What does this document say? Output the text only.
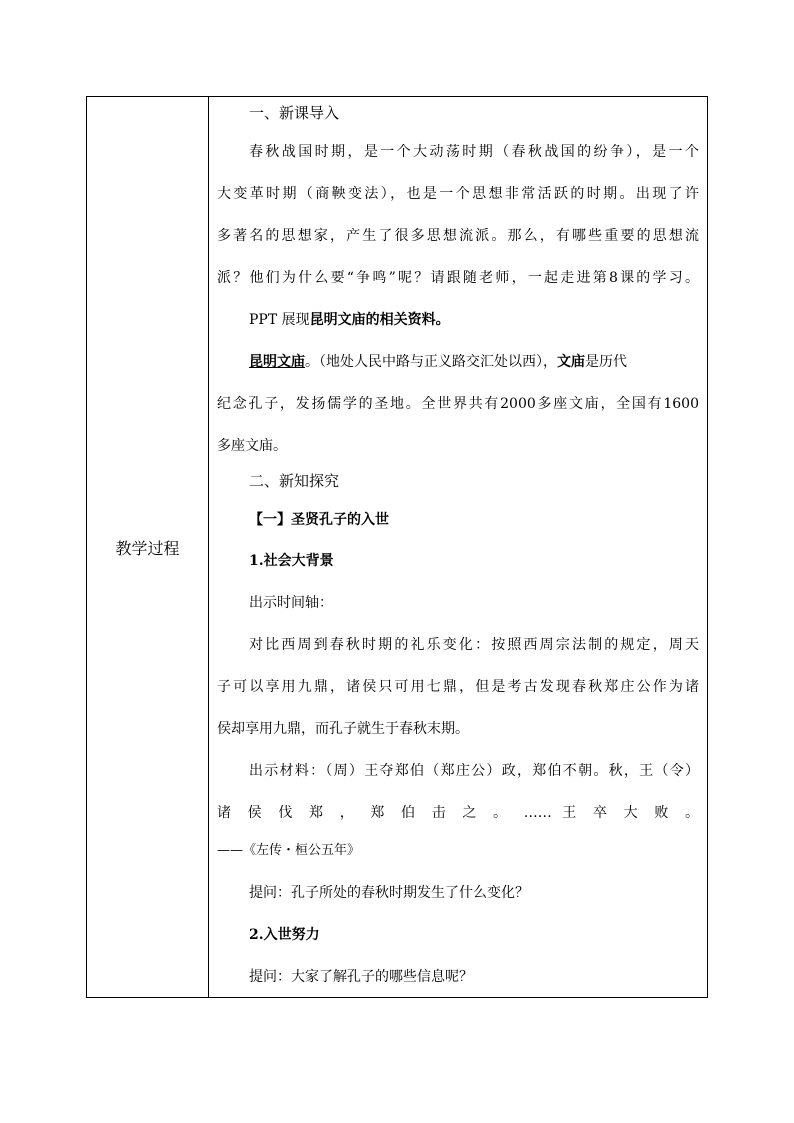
教学过程
一、新课导入
春秋战国时期，是一个大动荡时期（春秋战国的纷争），是一个
大变革时期（商鞅变法），也是一个思想非常活跃的时期。出现了许
多著名的思想家，产生了很多思想流派。那么，有哪些重要的思想流
派？他们为什么要“争鸣”呢？请跟随老师，一起走进第8课的学习。
PPT 展现昆明文庙的相关资料。
昆明文庙。（地处人民中路与正义路交汇处以西），文庙是历代
纪念孔子，发扬儒学的圣地。全世界共有2000多座文庙，全国有1600
多座文庙。
二、新知探究
【一】圣贤孔子的入世
1.社会大背景
出示时间轴：
对比西周到春秋时期的礼乐变化：按照西周宗法制的规定，周天
子可以享用九鼎，诸侯只可用七鼎，但是考古发现春秋郑庄公作为诸
侯却享用九鼎，而孔子就生于春秋末期。
出示材料：（周）王夺郑伯（郑庄公）政，郑伯不朝。秋，王（令）
诸 侯 伐 郑 ， 郑 伯 击 之 。 …… 王 卒 大 败 。
——《左传・桓公五年》
提问：孔子所处的春秋时期发生了什么变化？
2.入世努力
提问：大家了解孔子的哪些信息呢？
